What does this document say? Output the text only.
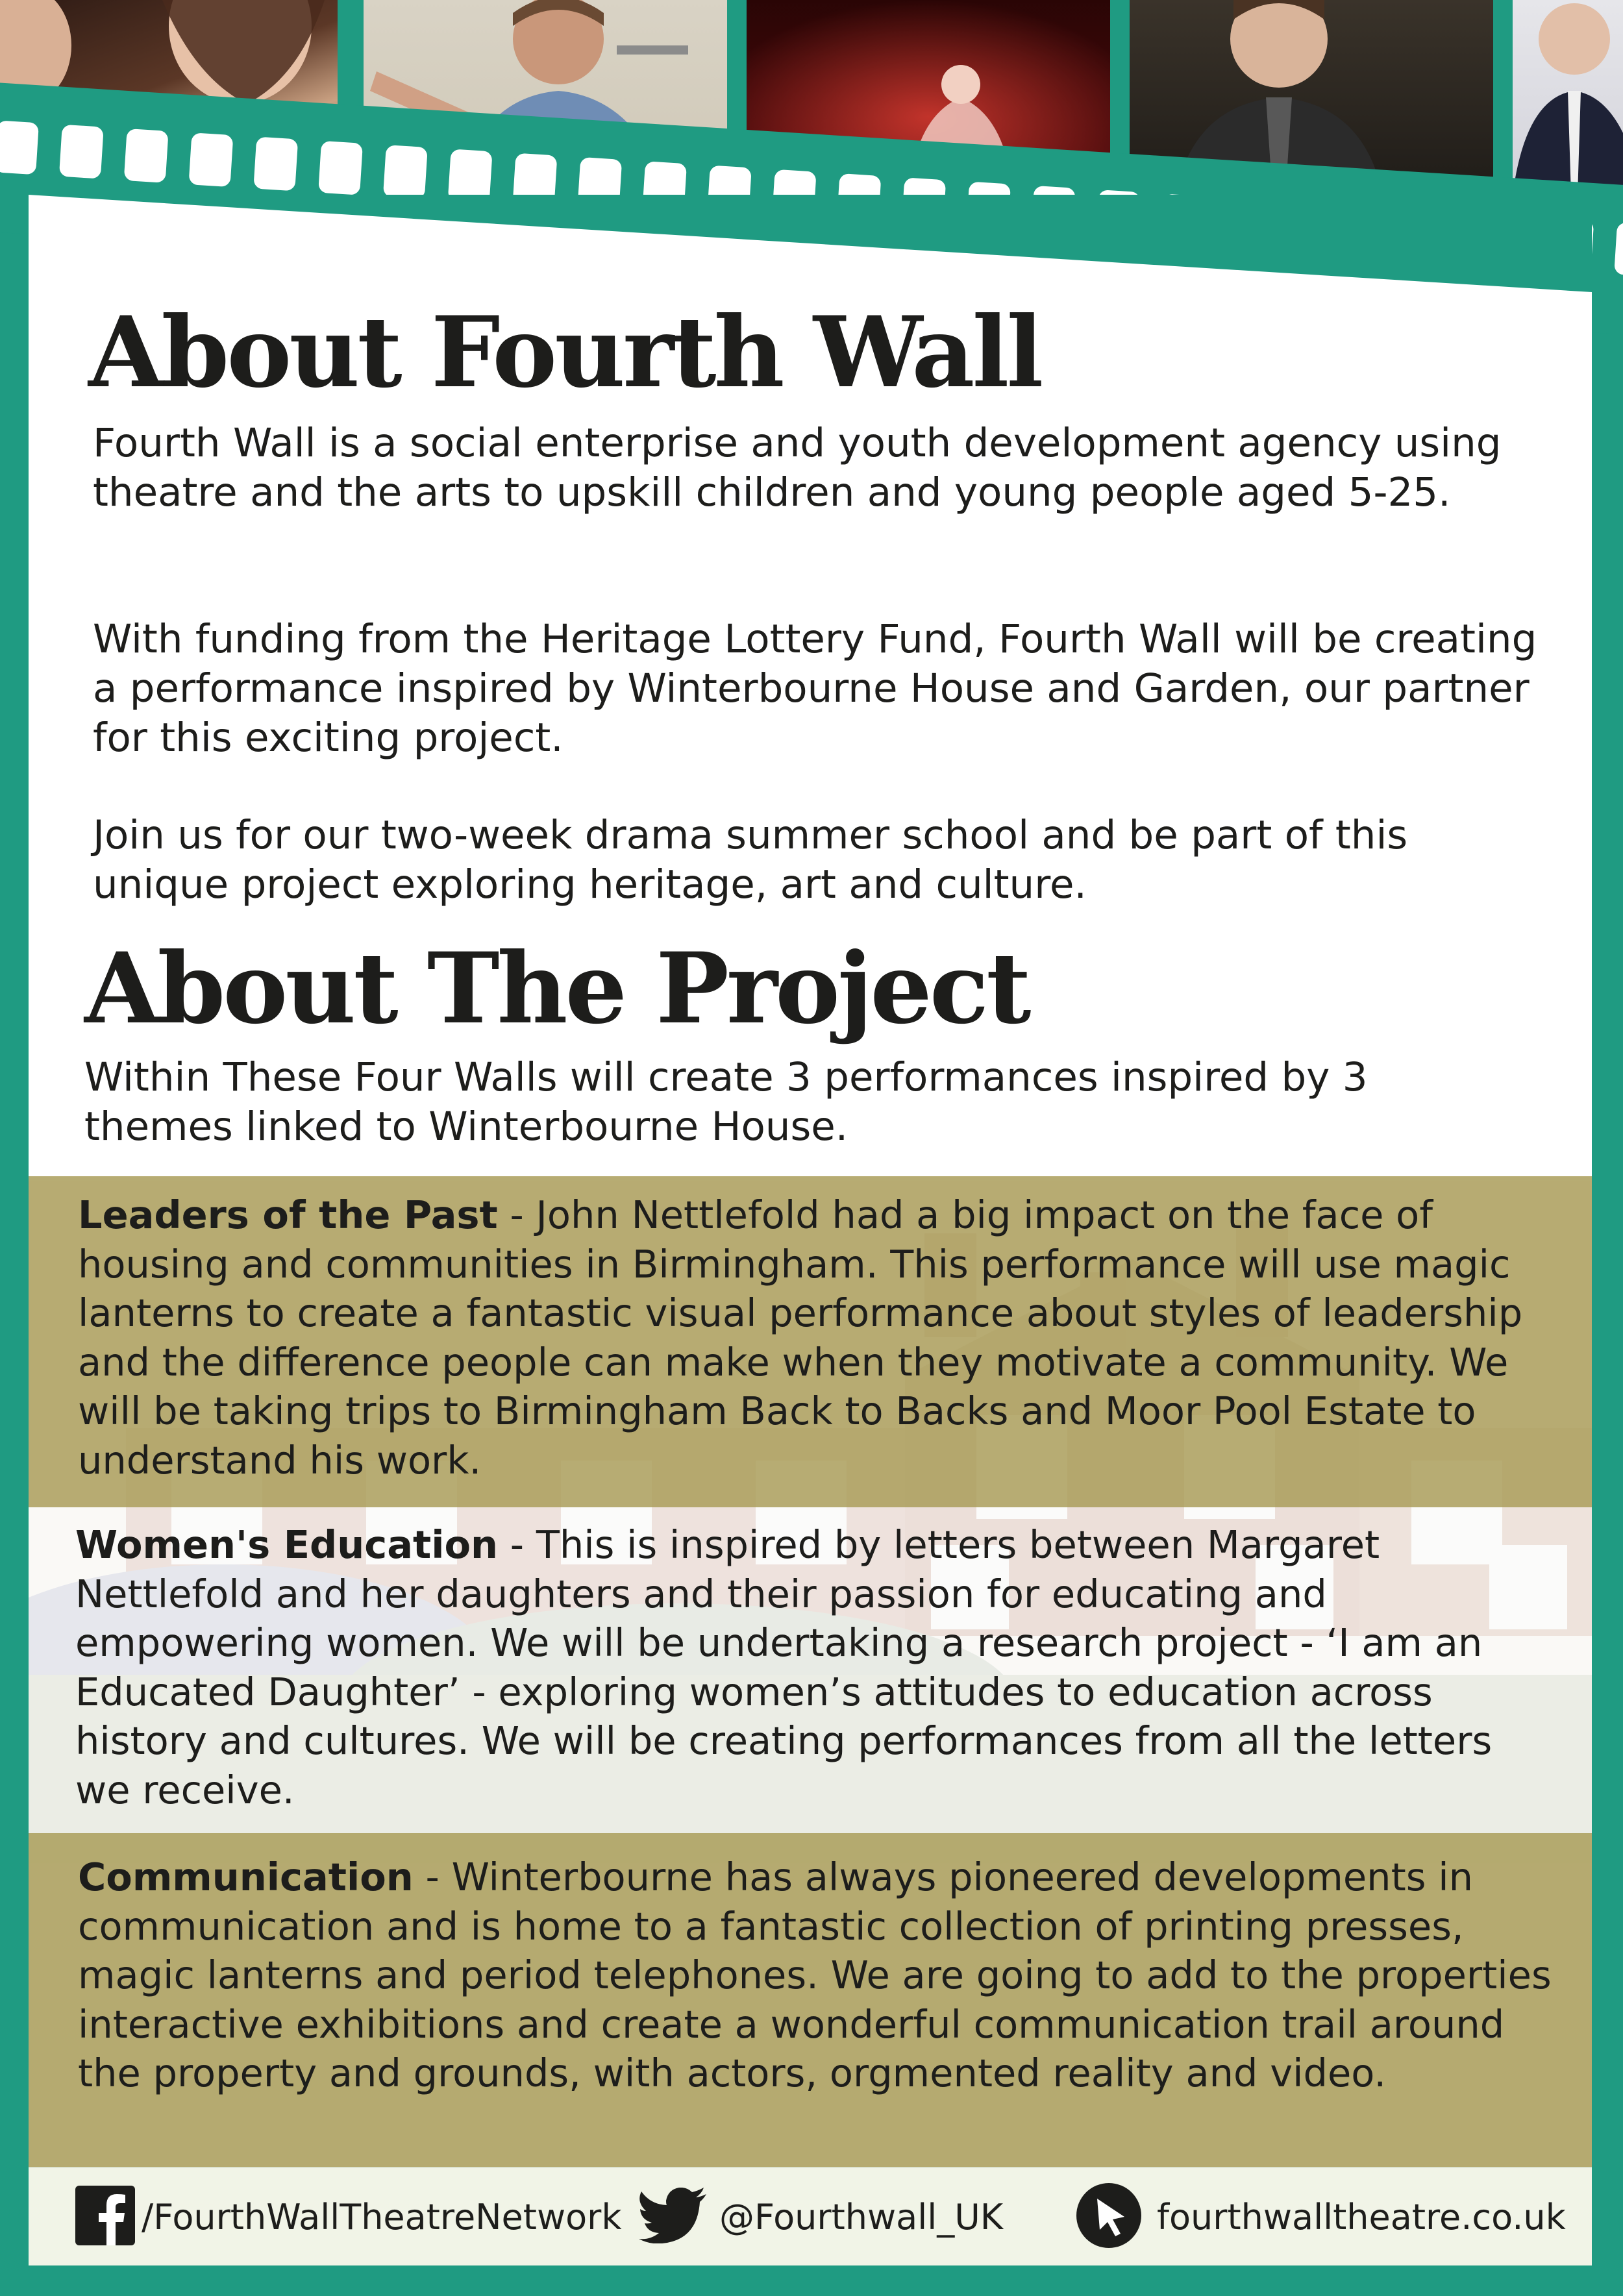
About Fourth Wall

Fourth Wall is a social enterprise and youth development agency using theatre and the arts to upskill children and young people aged 5-25.

With funding from the Heritage Lottery Fund, Fourth Wall will be creating a performance inspired by Winterbourne House and Garden, our partner for this exciting project.

Join us for our two-week drama summer school and be part of this unique project exploring heritage, art and culture.

About The Project

Within These Four Walls will create 3 performances inspired by 3 themes linked to Winterbourne House.

Leaders of the Past - John Nettlefold had a big impact on the face of housing and communities in Birmingham. This performance will use magic lanterns to create a fantastic visual performance about styles of leadership and the difference people can make when they motivate a community. We will be taking trips to Birmingham Back to Backs and Moor Pool Estate to understand his work.

Women's Education - This is inspired by letters between Margaret Nettlefold and her daughters and their passion for educating and empowering women. We will be undertaking a research project - ‘I am an Educated Daughter’ - exploring women’s attitudes to education across history and cultures. We will be creating performances from all the letters we receive.

Communication - Winterbourne has always pioneered developments in communication and is home to a fantastic collection of printing presses, magic lanterns and period telephones. We are going to add to the properties interactive exhibitions and create a wonderful communication trail around the property and grounds, with actors, orgmented reality and video.

/FourthWallTheatreNetwork	@Fourthwall_UK	fourthwalltheatre.co.uk
